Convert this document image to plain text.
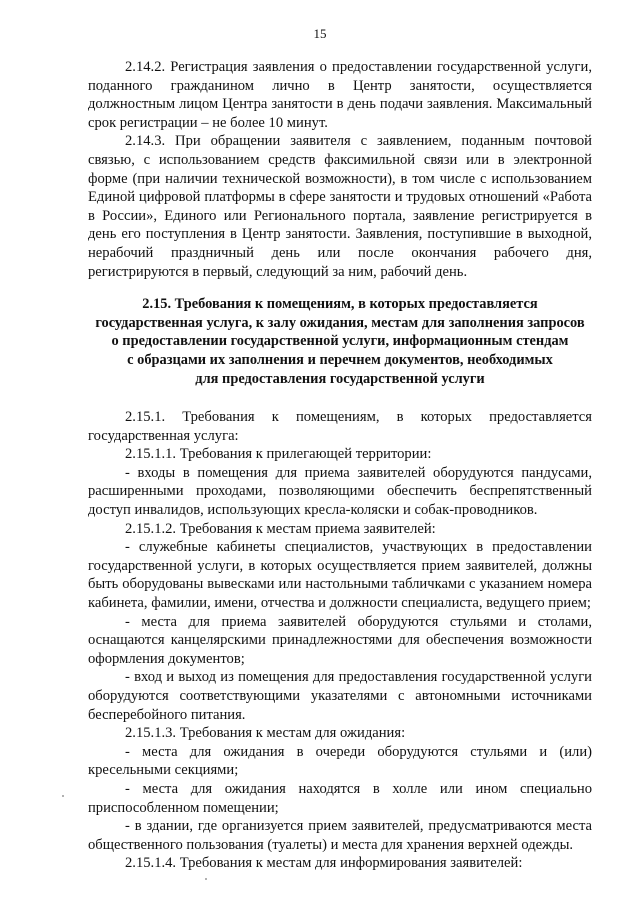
15

2.14.2. Регистрация заявления о предоставлении государственной услуги, поданного гражданином лично в Центр занятости, осуществляется должностным лицом Центра занятости в день подачи заявления. Максимальный срок регистрации – не более 10 минут.

2.14.3. При обращении заявителя с заявлением, поданным почтовой связью, с использованием средств факсимильной связи или в электронной форме (при наличии технической возможности), в том числе с использованием Единой цифровой платформы в сфере занятости и трудовых отношений «Работа в России», Единого или Регионального портала, заявление регистрируется в день его поступления в Центр занятости. Заявления, поступившие в выходной, нерабочий праздничный день или после окончания рабочего дня, регистрируются в первый, следующий за ним, рабочий день.

2.15. Требования к помещениям, в которых предоставляется
государственная услуга, к залу ожидания, местам для заполнения запросов
о предоставлении государственной услуги, информационным стендам
с образцами их заполнения и перечнем документов, необходимых
для предоставления государственной услуги

2.15.1. Требования к помещениям, в которых предоставляется государственная услуга:

2.15.1.1. Требования к прилегающей территории:

- входы в помещения для приема заявителей оборудуются пандусами, расширенными проходами, позволяющими обеспечить беспрепятственный доступ инвалидов, использующих кресла-коляски и собак-проводников.

2.15.1.2. Требования к местам приема заявителей:

- служебные кабинеты специалистов, участвующих в предоставлении государственной услуги, в которых осуществляется прием заявителей, должны быть оборудованы вывесками или настольными табличками с указанием номера кабинета, фамилии, имени, отчества и должности специалиста, ведущего прием;

- места для приема заявителей оборудуются стульями и столами, оснащаются канцелярскими принадлежностями для обеспечения возможности оформления документов;

- вход и выход из помещения для предоставления государственной услуги оборудуются соответствующими указателями с автономными источниками бесперебойного питания.

2.15.1.3. Требования к местам для ожидания:

- места для ожидания в очереди оборудуются стульями и (или) кресельными секциями;

- места для ожидания находятся в холле или ином специально приспособленном помещении;

- в здании, где организуется прием заявителей, предусматриваются места общественного пользования (туалеты) и места для хранения верхней одежды.

2.15.1.4. Требования к местам для информирования заявителей:
